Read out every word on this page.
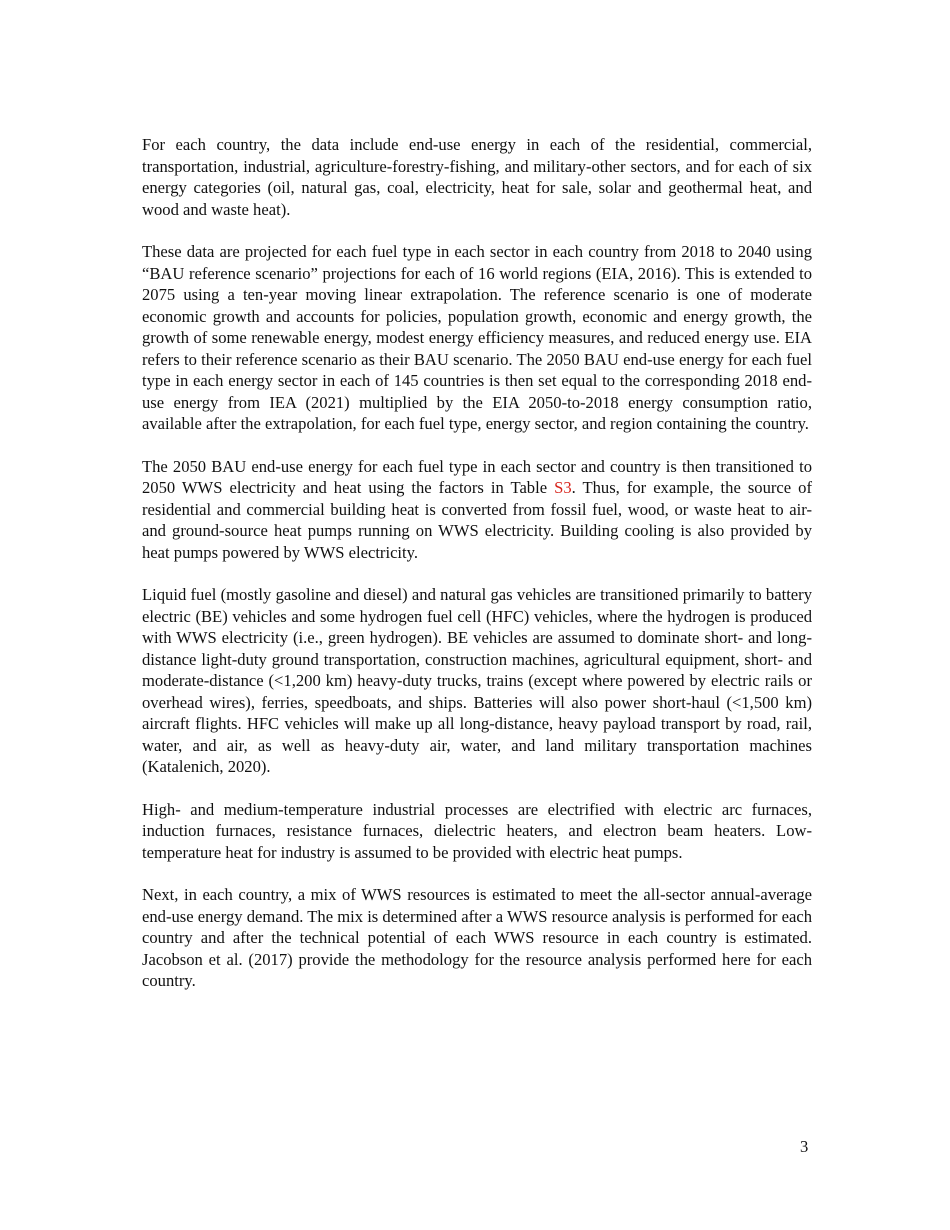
For each country, the data include end-use energy in each of the residential, commercial, transportation, industrial, agriculture-forestry-fishing, and military-other sectors, and for each of six energy categories (oil, natural gas, coal, electricity, heat for sale, solar and geothermal heat, and wood and waste heat).

These data are projected for each fuel type in each sector in each country from 2018 to 2040 using “BAU reference scenario” projections for each of 16 world regions (EIA, 2016). This is extended to 2075 using a ten-year moving linear extrapolation. The reference scenario is one of moderate economic growth and accounts for policies, population growth, economic and energy growth, the growth of some renewable energy, modest energy efficiency measures, and reduced energy use. EIA refers to their reference scenario as their BAU scenario. The 2050 BAU end-use energy for each fuel type in each energy sector in each of 145 countries is then set equal to the corresponding 2018 end-use energy from IEA (2021) multiplied by the EIA 2050-to-2018 energy consumption ratio, available after the extrapolation, for each fuel type, energy sector, and region containing the country.

The 2050 BAU end-use energy for each fuel type in each sector and country is then transitioned to 2050 WWS electricity and heat using the factors in Table S3. Thus, for example, the source of residential and commercial building heat is converted from fossil fuel, wood, or waste heat to air- and ground-source heat pumps running on WWS electricity. Building cooling is also provided by heat pumps powered by WWS electricity.

Liquid fuel (mostly gasoline and diesel) and natural gas vehicles are transitioned primarily to battery electric (BE) vehicles and some hydrogen fuel cell (HFC) vehicles, where the hydrogen is produced with WWS electricity (i.e., green hydrogen). BE vehicles are assumed to dominate short- and long-distance light-duty ground transportation, construction machines, agricultural equipment, short- and moderate-distance (<1,200 km) heavy-duty trucks, trains (except where powered by electric rails or overhead wires), ferries, speedboats, and ships. Batteries will also power short-haul (<1,500 km) aircraft flights. HFC vehicles will make up all long-distance, heavy payload transport by road, rail, water, and air, as well as heavy-duty air, water, and land military transportation machines (Katalenich, 2020).

High- and medium-temperature industrial processes are electrified with electric arc furnaces, induction furnaces, resistance furnaces, dielectric heaters, and electron beam heaters. Low-temperature heat for industry is assumed to be provided with electric heat pumps.

Next, in each country, a mix of WWS resources is estimated to meet the all-sector annual-average end-use energy demand. The mix is determined after a WWS resource analysis is performed for each country and after the technical potential of each WWS resource in each country is estimated. Jacobson et al. (2017) provide the methodology for the resource analysis performed here for each country.

3
